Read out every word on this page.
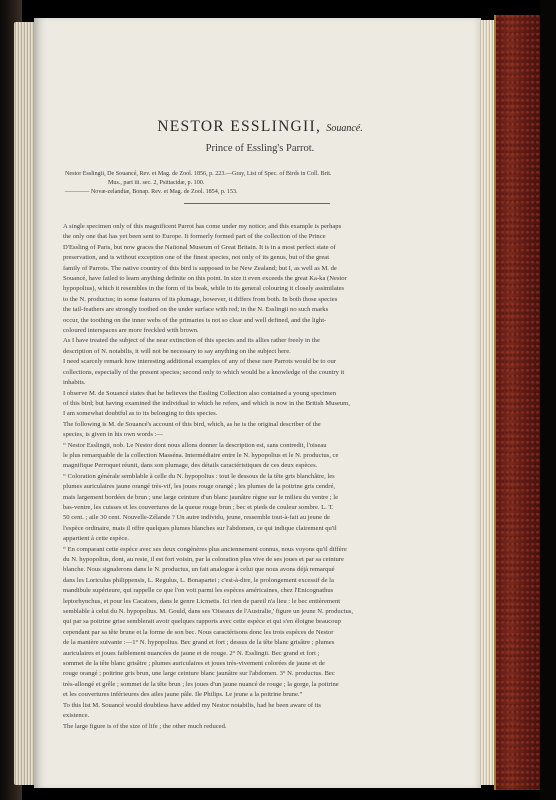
NESTOR ESSLINGII, Souancé.
Prince of Essling's Parrot.
Nestor Esslingii, De Souancé, Rev. et Mag. de Zool. 1856, p. 223.—Gray, List of Spec. of Birds in Coll. Brit.
Mus., part iii. sec. 2, Psittacidæ, p. 100.
———— Novæ-zelandiæ, Bonap. Rev. et Mag. de Zool. 1854, p. 153.

A single specimen only of this magnificent Parrot has come under my notice; and this example is perhaps

the only one that has yet been sent to Europe. It formerly formed part of the collection of the Prince

D'Essling of Paris, but now graces the National Museum of Great Britain. It is in a most perfect state of

preservation, and is without exception one of the finest species, not only of its genus, but of the great

family of Parrots. The native country of this bird is supposed to be New Zealand; but I, as well as M. de

Souancé, have failed to learn anything definite on this point. In size it even exceeds the great Ka-ka (Nestor

hypopolius), which it resembles in the form of its beak, while in its general colouring it closely assimilates

to the N. productus; in some features of its plumage, however, it differs from both. In both those species

the tail-feathers are strongly toothed on the under surface with red; in the N. Esslingii no such marks

occur, the toothing on the inner webs of the primaries is not so clear and well defined, and the light-

coloured interspaces are more freckled with brown.

As I have treated the subject of the near extinction of this species and its allies rather freely in the

description of N. notabilis, it will not be necessary to say anything on the subject here.

I need scarcely remark how interesting additional examples of any of these rare Parrots would be to our

collections, especially of the present species; second only to which would be a knowledge of the country it

inhabits.

I observe M. de Souancé states that he believes the Essling Collection also contained a young specimen

of this bird; but having examined the individual to which he refers, and which is now in the British Museum,

I am somewhat doubtful as to its belonging to this species.

The following is M. de Souancé's account of this bird, which, as he is the original describer of the

species, is given in his own words :—

“ Nestor Esslingii, nob. Le Nestor dont nous allons donner la description est, sans contredit, l'oiseau

le plus remarquable de la collection Masséna. Intermédiaire entre le N. hypopolius et le N. productus, ce

magnifique Perroquet réunit, dans son plumage, des détails caractéristiques de ces deux espèces.

“ Coloration générale semblable à celle du N. hypopolius : tout le dessous de la tête gris blanchâtre, les

plumes auriculaires jaune orangé très-vif, les joues rouge orangé ; les plumes de la poitrine gris cendré,

mais largement bordées de brun ; une large ceinture d'un blanc jaunâtre règne sur le milieu du ventre ; le

bas-ventre, les cuisses et les couvertures de la queue rouge brun ; bec et pieds de couleur sombre. L. T.

50 cent. ; aile 30 cent. Nouvelle-Zélande ? Un autre individu, jeune, ressemble tout-à-fait au jeune de

l'espèce ordinaire, mais il offre quelques plumes blanches sur l'abdomen, ce qui indique clairement qu'il

appartient à cette espèce.

“ En comparant cette espèce avec ses deux congénères plus anciennement connus, nous voyons qu'il diffère

du N. hypopolius, dont, au reste, il est fort voisin, par la coloration plus vive de ses joues et par sa ceinture

blanche. Nous signalerons dans le N. productus, un fait analogue à celui que nous avons déjà remarqué

dans les Loriculus philippensis, L. Regulus, L. Bonapartei ; c'est-à-dire, le prolongement excessif de la

mandibule supérieure, qui rappelle ce que l'on voit parmi les espèces américaines, chez l'Enicognathus

leptorhynchus, et pour les Cacatoes, dans le genre Licmetis. Ici rien de pareil n'a lieu : le bec entièrement

semblable à celui du N. hypopolius. M. Gould, dans ses 'Oiseaux de l'Australie,' figure un jeune N. productus,

qui par sa poitrine grise semblerait avoir quelques rapports avec cette espèce et qui s'en éloigne beaucoup

cependant par sa tête brune et la forme de son bec. Nous caractérisons donc les trois espèces de Nestor

de la manière suivante :—1° N. hypopolius. Bec grand et fort ; dessus de la tête blanc grisâtre ; plumes

auriculaires et joues faiblement nuancées de jaune et de rouge. 2° N. Esslingii. Bec grand et fort ;

sommet de la tête blanc grisâtre ; plumes auriculaires et joues très-vivement colorées de jaune et de

rouge orangé ; poitrine gris brun, une large ceinture blanc jaunâtre sur l'abdomen. 3° N. productus. Bec

très-allongé et grêle ; sommet de la tête brun ; les joues d'un jaune nuancé de rouge ; la gorge, la poitrine

et les couvertures inférieures des ailes jaune pâle. Ile Philips. Le jeune a la poitrine brune.”

To this list M. Souancé would doubtless have added my Nestor notabilis, had he been aware of its

existence.

The large figure is of the size of life ; the other much reduced.
